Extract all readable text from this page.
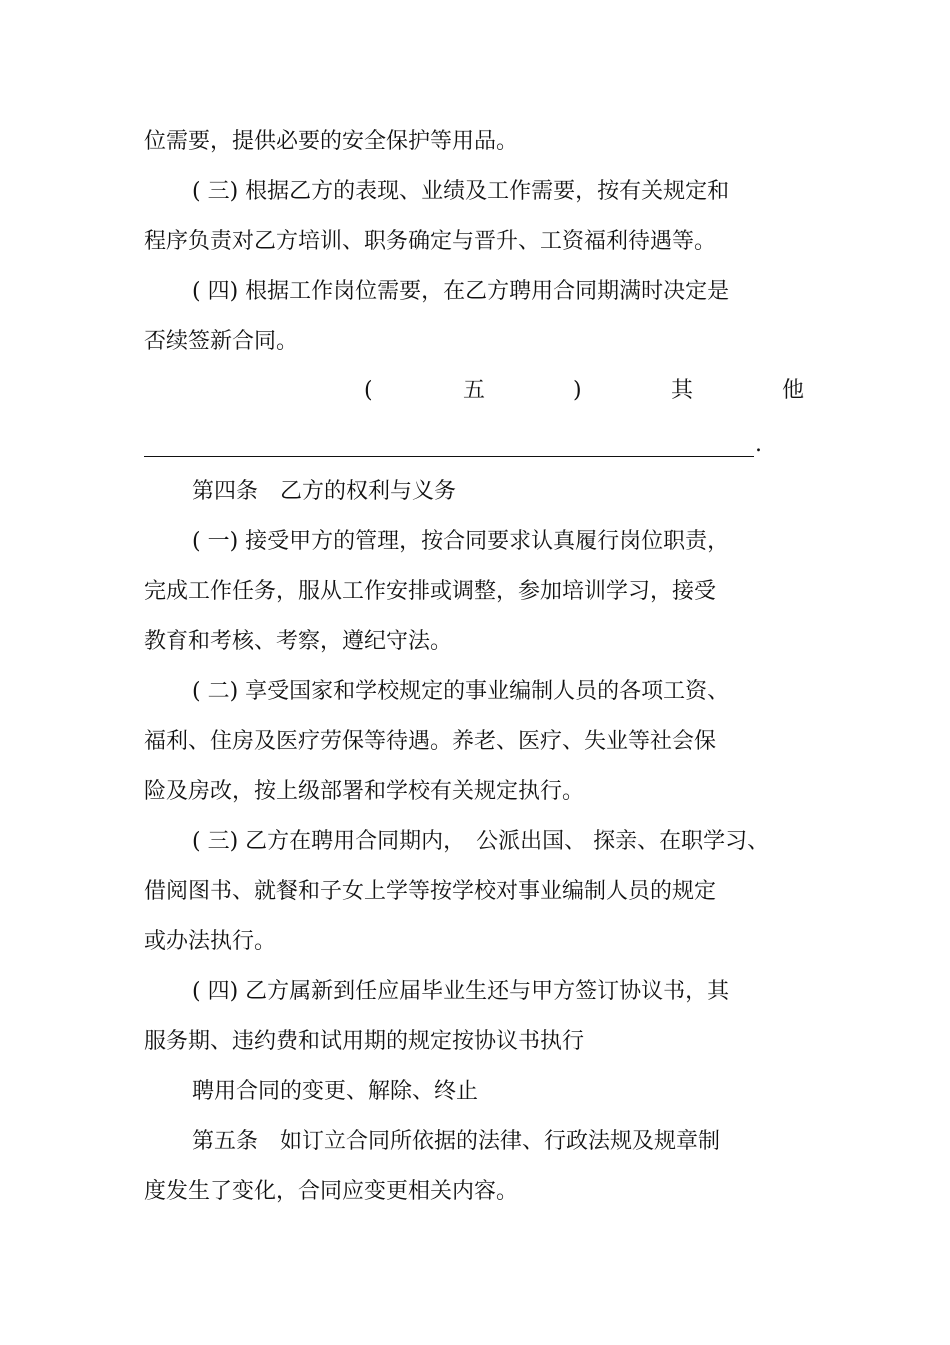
位需要，提供必要的安全保护等用品。
( 三) 根据乙方的表现、业绩及工作需要，按有关规定和
程序负责对乙方培训、职务确定与晋升、工资福利待遇等。
( 四) 根据工作岗位需要，在乙方聘用合同期满时决定是
否续签新合同。
(	五	)	其	他
.
第四条　乙方的权利与义务
( 一) 接受甲方的管理，按合同要求认真履行岗位职责，
完成工作任务，服从工作安排或调整，参加培训学习，接受
教育和考核、考察，遵纪守法。
( 二) 享受国家和学校规定的事业编制人员的各项工资、
福利、住房及医疗劳保等待遇。养老、医疗、失业等社会保
险及房改，按上级部署和学校有关规定执行。
( 三) 乙方在聘用合同期内，　公派出国、 探亲、在职学习、
借阅图书、就餐和子女上学等按学校对事业编制人员的规定
或办法执行。
( 四) 乙方属新到任应届毕业生还与甲方签订协议书，其
服务期、违约费和试用期的规定按协议书执行
聘用合同的变更、解除、终止
第五条　如订立合同所依据的法律、行政法规及规章制
度发生了变化，合同应变更相关内容。
